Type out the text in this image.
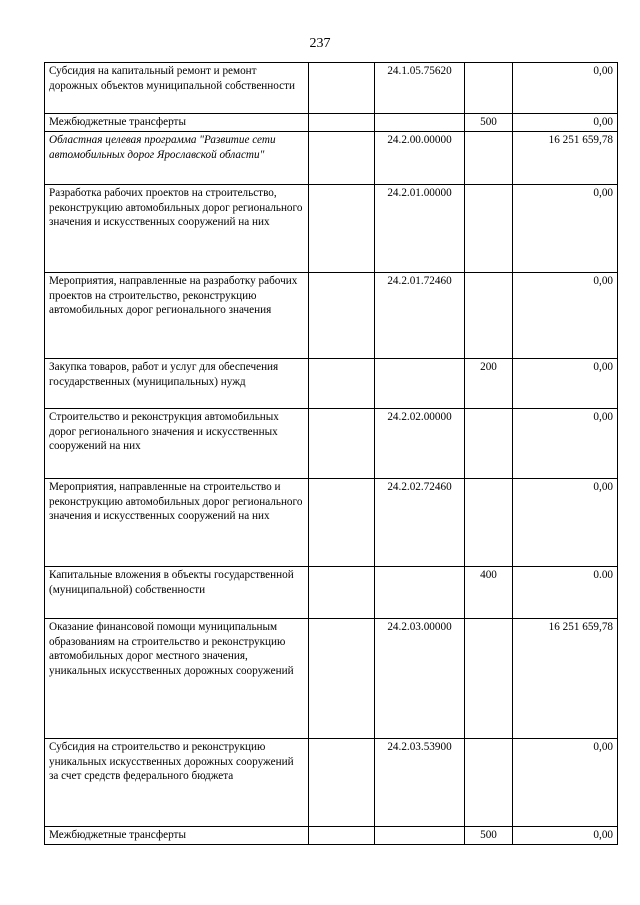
237
Субсидия на капитальный ремонт и ремонт дорожных объектов муниципальной собственности		24.1.05.75620		0,00
Межбюджетные трансферты			500	0,00
Областная целевая программа "Развитие сети автомобильных дорог Ярославской области"		24.2.00.00000		16 251 659,78
Разработка рабочих проектов на строительство, реконструкцию автомобильных дорог регионального значения и искусственных сооружений на них		24.2.01.00000		0,00
Мероприятия, направленные на разработку рабочих проектов на строительство, реконструкцию автомобильных дорог регионального значения		24.2.01.72460		0,00
Закупка товаров, работ и услуг для обеспечения государственных (муниципальных) нужд			200	0,00
Строительство и реконструкция автомобильных дорог регионального значения и искусственных сооружений на них		24.2.02.00000		0,00
Мероприятия, направленные на строительство и реконструкцию автомобильных дорог регионального значения и искусственных сооружений на них		24.2.02.72460		0,00
Капитальные вложения в объекты государственной (муниципальной) собственности			400	0.00
Оказание финансовой помощи муниципальным образованиям на строительство и реконструкцию автомобильных дорог местного значения, уникальных искусственных дорожных сооружений		24.2.03.00000		16 251 659,78
Субсидия на строительство и реконструкцию уникальных искусственных дорожных сооружений за счет средств федерального бюджета		24.2.03.53900		0,00
Межбюджетные трансферты			500	0,00
